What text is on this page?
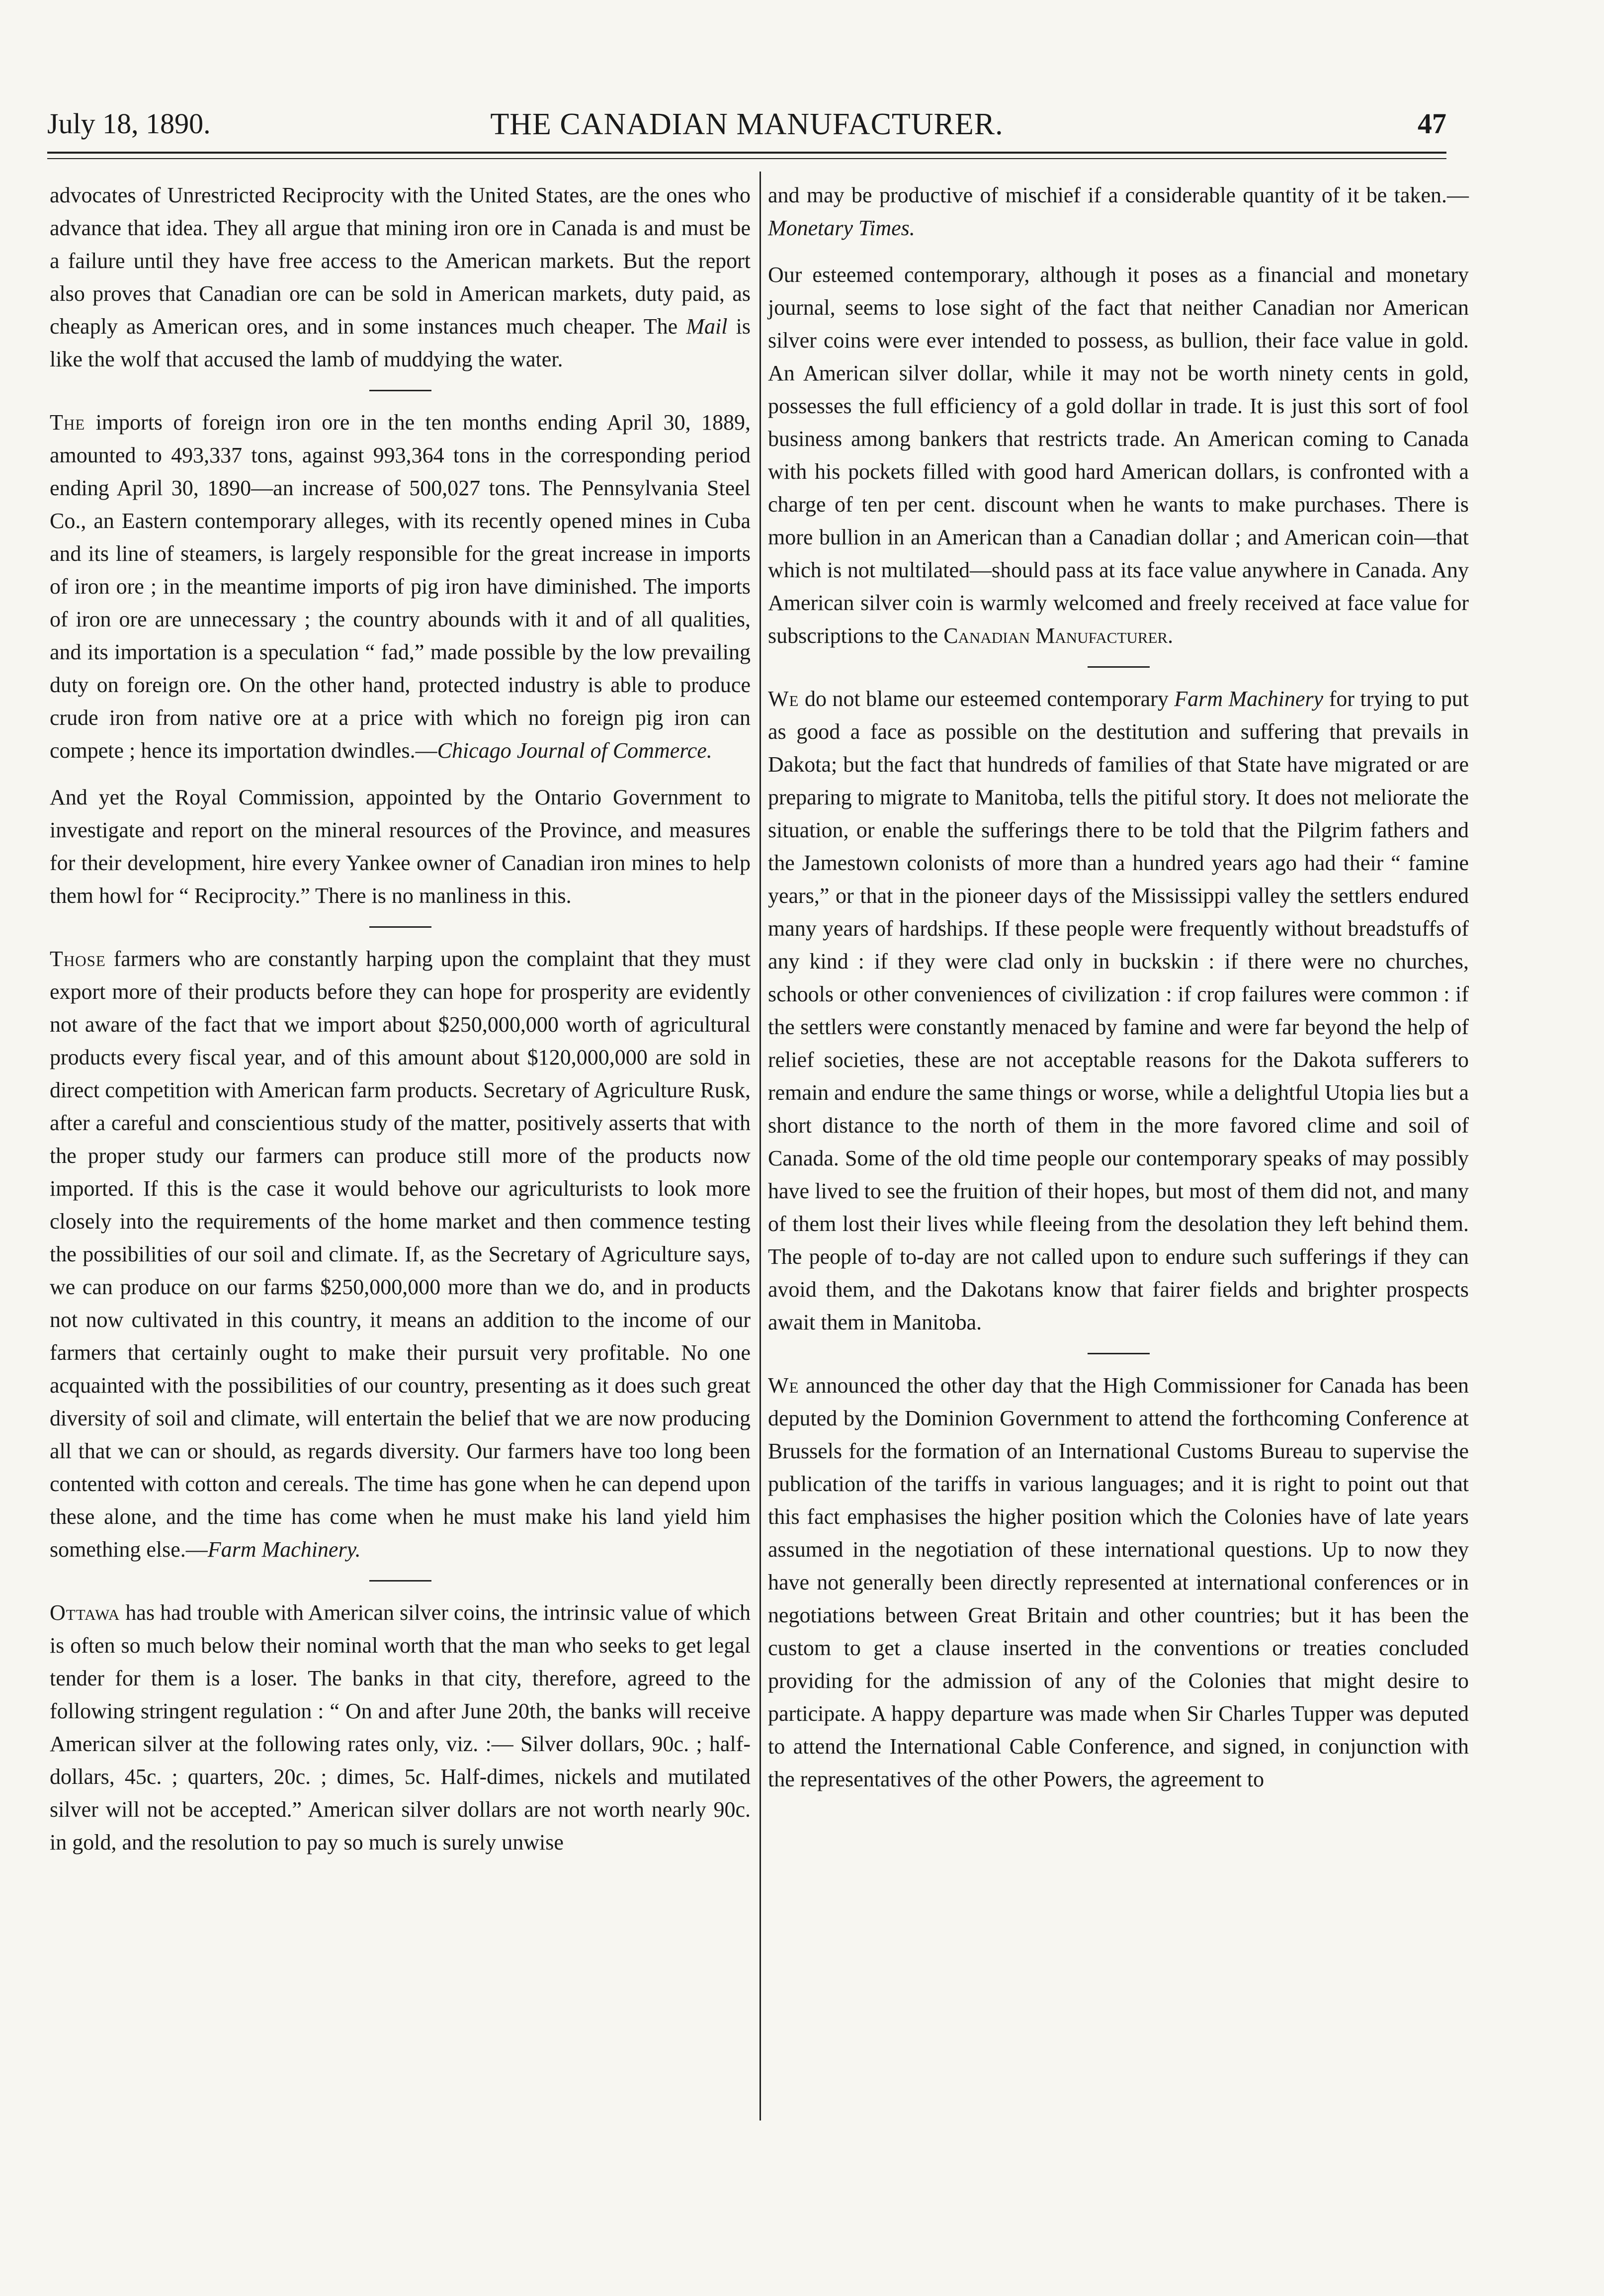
July 18, 1890.	THE CANADIAN MANUFACTURER.	47

advocates of Unrestricted Reciprocity with the United States, are the ones who advance that idea. They all argue that mining iron ore in Canada is and must be a failure until they have free access to the American markets. But the report also proves that Canadian ore can be sold in American markets, duty paid, as cheaply as American ores, and in some instances much cheaper. The Mail is like the wolf that accused the lamb of muddying the water.

The imports of foreign iron ore in the ten months ending April 30, 1889, amounted to 493,337 tons, against 993,364 tons in the corresponding period ending April 30, 1890—an increase of 500,027 tons. The Pennsylvania Steel Co., an Eastern contemporary alleges, with its recently opened mines in Cuba and its line of steamers, is largely responsible for the great increase in imports of iron ore ; in the meantime imports of pig iron have diminished. The imports of iron ore are unnecessary ; the country abounds with it and of all qualities, and its importation is a speculation “ fad,” made possible by the low prevailing duty on foreign ore. On the other hand, protected industry is able to produce crude iron from native ore at a price with which no foreign pig iron can compete ; hence its importation dwindles.—Chicago Journal of Commerce.

And yet the Royal Commission, appointed by the Ontario Government to investigate and report on the mineral resources of the Province, and measures for their development, hire every Yankee owner of Canadian iron mines to help them howl for “ Reciprocity.” There is no manliness in this.

Those farmers who are constantly harping upon the complaint that they must export more of their products before they can hope for prosperity are evidently not aware of the fact that we import about $250,000,000 worth of agricultural products every fiscal year, and of this amount about $120,000,000 are sold in direct competition with American farm products. Secretary of Agriculture Rusk, after a careful and conscientious study of the matter, positively asserts that with the proper study our farmers can produce still more of the products now imported. If this is the case it would behove our agriculturists to look more closely into the requirements of the home market and then commence testing the possibilities of our soil and climate. If, as the Secretary of Agriculture says, we can produce on our farms $250,000,000 more than we do, and in products not now cultivated in this country, it means an addition to the income of our farmers that certainly ought to make their pursuit very profitable. No one acquainted with the possibilities of our country, presenting as it does such great diversity of soil and climate, will entertain the belief that we are now producing all that we can or should, as regards diversity. Our farmers have too long been contented with cotton and cereals. The time has gone when he can depend upon these alone, and the time has come when he must make his land yield him something else.—Farm Machinery.

Ottawa has had trouble with American silver coins, the intrinsic value of which is often so much below their nominal worth that the man who seeks to get legal tender for them is a loser. The banks in that city, therefore, agreed to the following stringent regulation : “ On and after June 20th, the banks will receive American silver at the following rates only, viz. :— Silver dollars, 90c. ; half-dollars, 45c. ; quarters, 20c. ; dimes, 5c. Half-dimes, nickels and mutilated silver will not be accepted.” American silver dollars are not worth nearly 90c. in gold, and the resolution to pay so much is surely unwise

and may be productive of mischief if a considerable quantity of it be taken.—Monetary Times.

Our esteemed contemporary, although it poses as a financial and monetary journal, seems to lose sight of the fact that neither Canadian nor American silver coins were ever intended to possess, as bullion, their face value in gold. An American silver dollar, while it may not be worth ninety cents in gold, possesses the full efficiency of a gold dollar in trade. It is just this sort of fool business among bankers that restricts trade. An American coming to Canada with his pockets filled with good hard American dollars, is confronted with a charge of ten per cent. discount when he wants to make purchases. There is more bullion in an American than a Canadian dollar ; and American coin—that which is not multilated—should pass at its face value anywhere in Canada. Any American silver coin is warmly welcomed and freely received at face value for subscriptions to the Canadian Manufacturer.

We do not blame our esteemed contemporary Farm Machinery for trying to put as good a face as possible on the destitution and suffering that prevails in Dakota; but the fact that hundreds of families of that State have migrated or are preparing to migrate to Manitoba, tells the pitiful story. It does not meliorate the situation, or enable the sufferings there to be told that the Pilgrim fathers and the Jamestown colonists of more than a hundred years ago had their “ famine years,” or that in the pioneer days of the Mississippi valley the settlers endured many years of hardships. If these people were frequently without breadstuffs of any kind : if they were clad only in buckskin : if there were no churches, schools or other conveniences of civilization : if crop failures were common : if the settlers were constantly menaced by famine and were far beyond the help of relief societies, these are not acceptable reasons for the Dakota sufferers to remain and endure the same things or worse, while a delightful Utopia lies but a short distance to the north of them in the more favored clime and soil of Canada. Some of the old time people our contemporary speaks of may possibly have lived to see the fruition of their hopes, but most of them did not, and many of them lost their lives while fleeing from the desolation they left behind them. The people of to-day are not called upon to endure such sufferings if they can avoid them, and the Dakotans know that fairer fields and brighter prospects await them in Manitoba.

We announced the other day that the High Commissioner for Canada has been deputed by the Dominion Government to attend the forthcoming Conference at Brussels for the formation of an International Customs Bureau to supervise the publication of the tariffs in various languages; and it is right to point out that this fact emphasises the higher position which the Colonies have of late years assumed in the negotiation of these international questions. Up to now they have not generally been directly represented at international conferences or in negotiations between Great Britain and other countries; but it has been the custom to get a clause inserted in the conventions or treaties concluded providing for the admission of any of the Colonies that might desire to participate. A happy departure was made when Sir Charles Tupper was deputed to attend the International Cable Conference, and signed, in conjunction with the representatives of the other Powers, the agreement to
